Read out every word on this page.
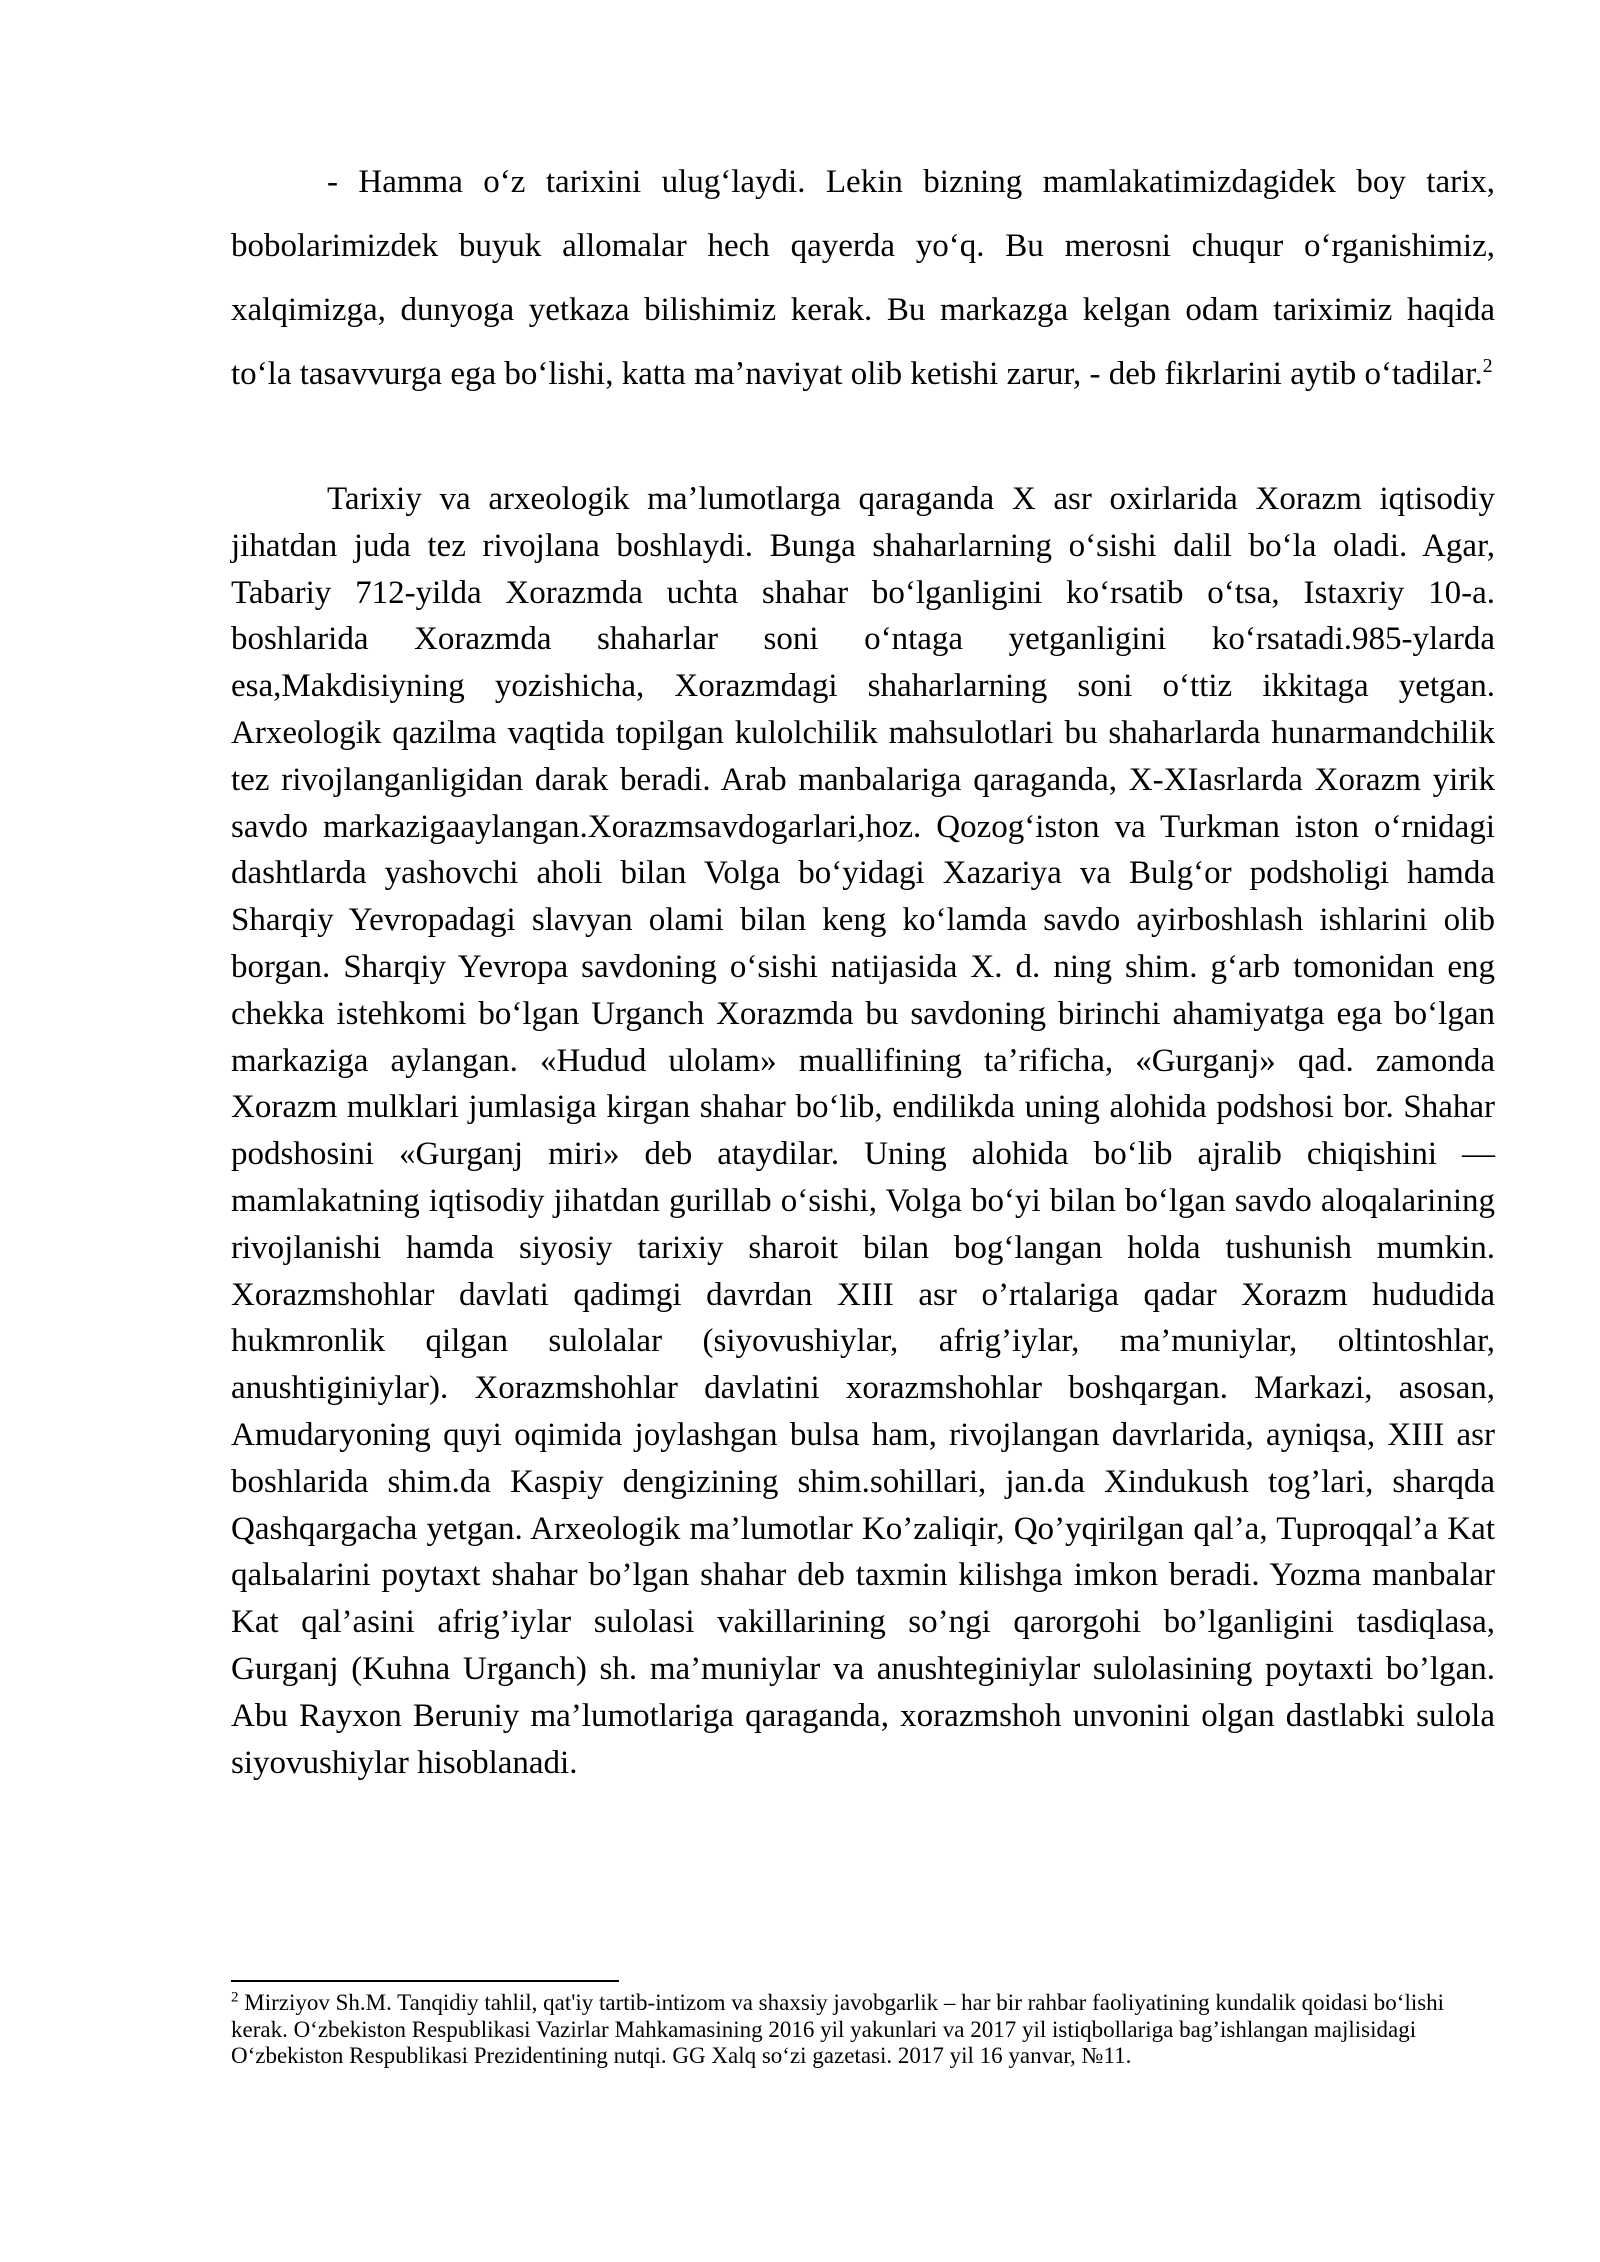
- Hamma oʻz tarixini ulugʻlaydi. Lekin bizning mamlakatimizdagidek boy tarix, bobolarimizdek buyuk allomalar hech qayerda yoʻq. Bu merosni chuqur oʻrganishimiz, xalqimizga, dunyoga yetkaza bilishimiz kerak. Bu markazga kelgan odam tariximiz haqida toʻla tasavvurga ega boʻlishi, katta maʼnaviyat olib ketishi zarur, - deb fikrlarini aytib oʻtadilar.$^2$

Tarixiy va arxeologik maʼlumotlarga qaraganda X asr oxirlarida Xorazm iqtisodiy jihatdan juda tez rivojlana boshlaydi. Bunga shaharlarning oʻsishi dalil boʻla oladi. Agar, Tabariy 712-yilda Xorazmda uchta shahar boʻlganligini koʻrsatib oʻtsa, Istaxriy 10-a. boshlarida Xorazmda shaharlar soni oʻntaga yetganligini koʻrsatadi.985-ylarda esa,Makdisiyning yozishicha, Xorazmdagi shaharlarning soni oʻttiz ikkitaga yetgan. Arxeologik qazilma vaqtida topilgan kulolchilik mahsulotlari bu shaharlarda hunarmandchilik tez rivojlanganligidan darak beradi. Arab manbalariga qaraganda, X-XIasrlarda Xorazm yirik savdo markazigaaylangan.Xorazmsavdogarlari,hoz. Qozogʻiston va Turkman iston oʻrnidagi dashtlarda yashovchi aholi bilan Volga boʻyidagi Xazariya va Bulgʻor podsholigi hamda Sharqiy Yevropadagi slavyan olami bilan keng koʻlamda savdo ayirboshlash ishlarini olib borgan. Sharqiy Yevropa savdoning oʻsishi natijasida X. d. ning shim. gʻarb tomonidan eng chekka istehkomi boʻlgan Urganch Xorazmda bu savdoning birinchi ahamiyatga ega boʻlgan markaziga aylangan. «Hudud ulolam» muallifining taʼrificha, «Gurganj» qad. zamonda Xorazm mulklari jumlasiga kirgan shahar boʻlib, endilikda uning alohida podshosi bor. Shahar podshosini «Gurganj miri» deb ataydilar. Uning alohida boʻlib ajralib chiqishini — mamlakatning iqtisodiy jihatdan gurillab oʻsishi, Volga boʻyi bilan boʻlgan savdo aloqalarining rivojlanishi hamda siyosiy tarixiy sharoit bilan bogʻlangan holda tushunish mumkin. Xorazmshohlar davlati qadimgi davrdan XIII asr o’rtalariga qadar Xorazm hududida hukmronlik qilgan sulolalar (siyovushiylar, afrig’iylar, ma’muniylar, oltintoshlar, anushtiginiylar). Xorazmshohlar davlatini xorazmshohlar boshqargan. Markazi, asosan, Amudaryoning quyi oqimida joylashgan bulsa ham, rivojlangan davrlarida, ayniqsa, XIII asr boshlarida shim.da Kaspiy dengizining shim.sohillari, jan.da Xindukush tog’lari, sharqda Qashqargacha yetgan. Arxeologik ma’lumotlar Ko’zaliqir, Qo’yqirilgan qal’a, Tuproqqal’a Kat qalьalarini poytaxt shahar bo’lgan shahar deb taxmin kilishga imkon beradi. Yozma manbalar Kat qal’asini afrig’iylar sulolasi vakillarining so’ngi qarorgohi bo’lganligini tasdiqlasa, Gurganj (Kuhna Urganch) sh. ma’muniylar va anushteginiylar sulolasining poytaxti bo’lgan. Abu Rayxon Beruniy ma’lumotlariga qaraganda, xorazmshoh unvonini olgan dastlabki sulola siyovushiylar hisoblanadi.

$^2$ Mirziyov Sh.M. Tanqidiy tahlil, qat'iy tartib-intizom va shaxsiy javobgarlik – har bir rahbar faoliyatining kundalik qoidasi boʻlishi kerak. Oʻzbekiston Respublikasi Vazirlar Mahkamasining 2016 yil yakunlari va 2017 yil istiqbollariga bag’ishlangan majlisidagi Oʻzbekiston Respublikasi Prezidentining nutqi. GG Xalq soʻzi gazetasi. 2017 yil 16 yanvar, №11.
